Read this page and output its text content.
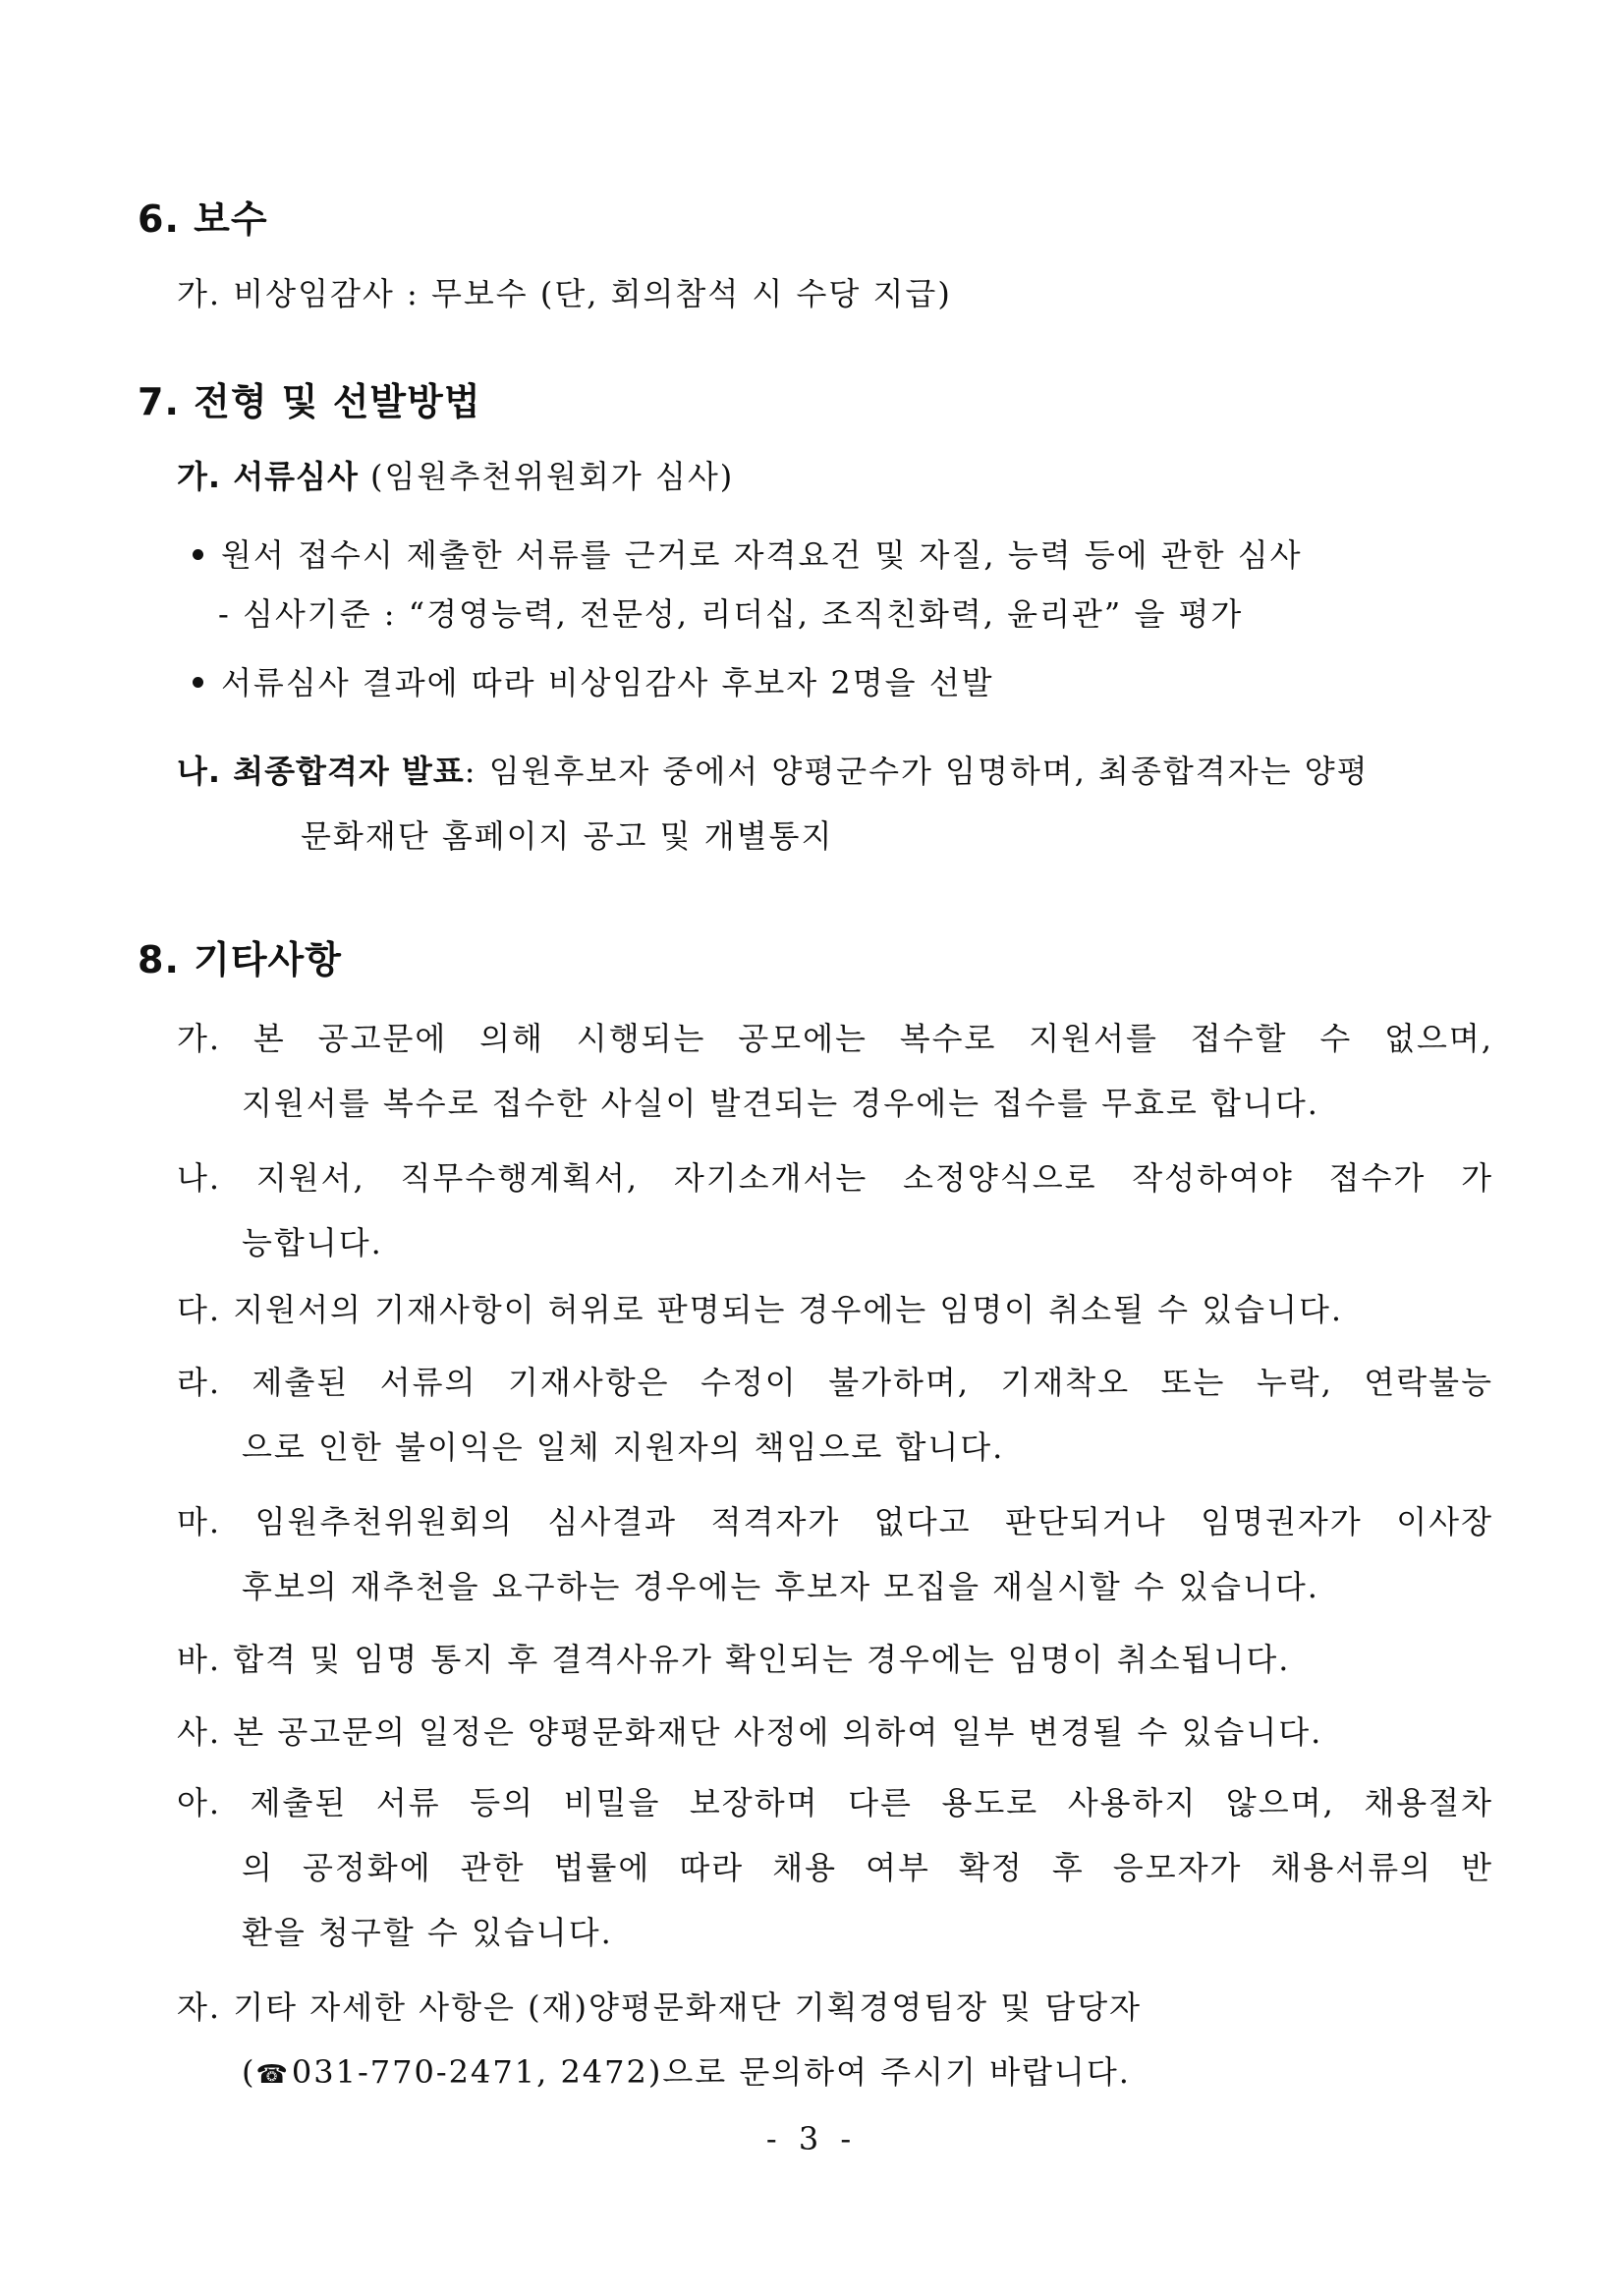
6. 보수
가. 비상임감사 : 무보수 (단, 회의참석 시 수당 지급)
7. 전형 및 선발방법
가. 서류심사 (임원추천위원회가 심사)
원서 접수시 제출한 서류를 근거로 자격요건 및 자질, 능력 등에 관한 심사
- 심사기준 : “경영능력, 전문성, 리더십, 조직친화력, 윤리관” 을 평가
서류심사 결과에 따라 비상임감사 후보자 2명을 선발
나. 최종합격자 발표: 임원후보자 중에서 양평군수가 임명하며, 최종합격자는 양평
문화재단 홈페이지 공고 및 개별통지
8. 기타사항
가. 본 공고문에 의해 시행되는 공모에는 복수로 지원서를 접수할 수 없으며,
지원서를 복수로 접수한 사실이 발견되는 경우에는 접수를 무효로 합니다.
나. 지원서, 직무수행계획서, 자기소개서는 소정양식으로 작성하여야 접수가 가
능합니다.
다. 지원서의 기재사항이 허위로 판명되는 경우에는 임명이 취소될 수 있습니다.
라. 제출된 서류의 기재사항은 수정이 불가하며, 기재착오 또는 누락, 연락불능
으로 인한 불이익은 일체 지원자의 책임으로 합니다.
마. 임원추천위원회의 심사결과 적격자가 없다고 판단되거나 임명권자가 이사장
후보의 재추천을 요구하는 경우에는 후보자 모집을 재실시할 수 있습니다.
바. 합격 및 임명 통지 후 결격사유가 확인되는 경우에는 임명이 취소됩니다.
사. 본 공고문의 일정은 양평문화재단 사정에 의하여 일부 변경될 수 있습니다.
아. 제출된 서류 등의 비밀을 보장하며 다른 용도로 사용하지 않으며, 채용절차
의 공정화에 관한 법률에 따라 채용 여부 확정 후 응모자가 채용서류의 반
환을 청구할 수 있습니다.
자. 기타 자세한 사항은 (재)양평문화재단 기획경영팀장 및 담당자
(☎031-770-2471, 2472)으로 문의하여 주시기 바랍니다.
- 3 -
